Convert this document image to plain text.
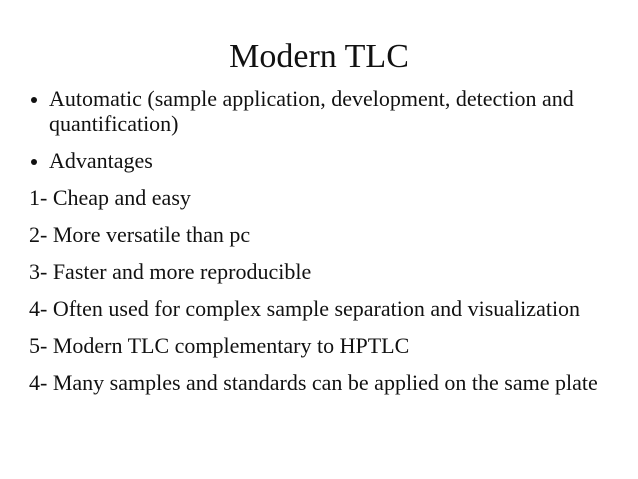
Modern TLC
Automatic (sample application, development, detection and quantification)
Advantages
1- Cheap and easy
2- More versatile than pc
3- Faster and more reproducible
4- Often used for complex sample separation and visualization
5- Modern TLC complementary to HPTLC
4- Many samples and standards can be applied on the same plate
